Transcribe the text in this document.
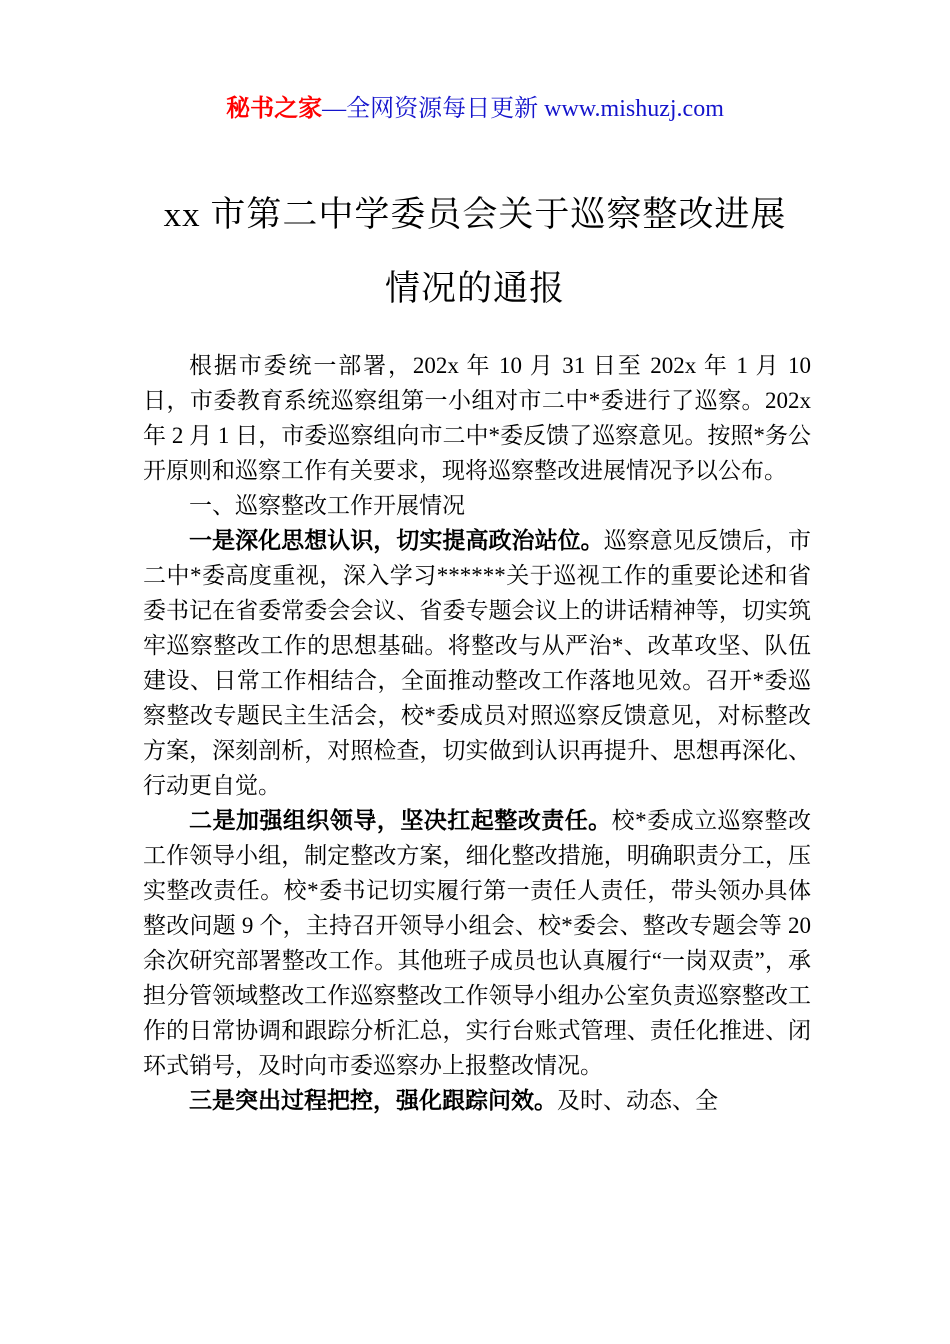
秘书之家—全网资源每日更新 www.mishuzj.com
xx 市第二中学委员会关于巡察整改进展
情况的通报

根据市委统一部署，202x 年 10 月 31 日至 202x 年 1 月 10 日，市委教育系统巡察组第一小组对市二中*委进行了巡察。202x 年 2 月 1 日，市委巡察组向市二中*委反馈了巡察意见。按照*务公开原则和巡察工作有关要求，现将巡察整改进展情况予以公布。

一、巡察整改工作开展情况

一是深化思想认识，切实提高政治站位。巡察意见反馈后，市二中*委高度重视，深入学习******关于巡视工作的重要论述和省委书记在省委常委会会议、省委专题会议上的讲话精神等，切实筑牢巡察整改工作的思想基础。将整改与从严治*、改革攻坚、队伍建设、日常工作相结合，全面推动整改工作落地见效。召开*委巡察整改专题民主生活会，校*委成员对照巡察反馈意见，对标整改方案，深刻剖析，对照检查，切实做到认识再提升、思想再深化、行动更自觉。

二是加强组织领导，坚决扛起整改责任。校*委成立巡察整改工作领导小组，制定整改方案，细化整改措施，明确职责分工，压实整改责任。校*委书记切实履行第一责任人责任，带头领办具体整改问题 9 个，主持召开领导小组会、校*委会、整改专题会等 20 余次研究部署整改工作。其他班子成员也认真履行“一岗双责”，承担分管领域整改工作巡察整改工作领导小组办公室负责巡察整改工作的日常协调和跟踪分析汇总，实行台账式管理、责任化推进、闭环式销号，及时向市委巡察办上报整改情况。

三是突出过程把控，强化跟踪问效。及时、动态、全
